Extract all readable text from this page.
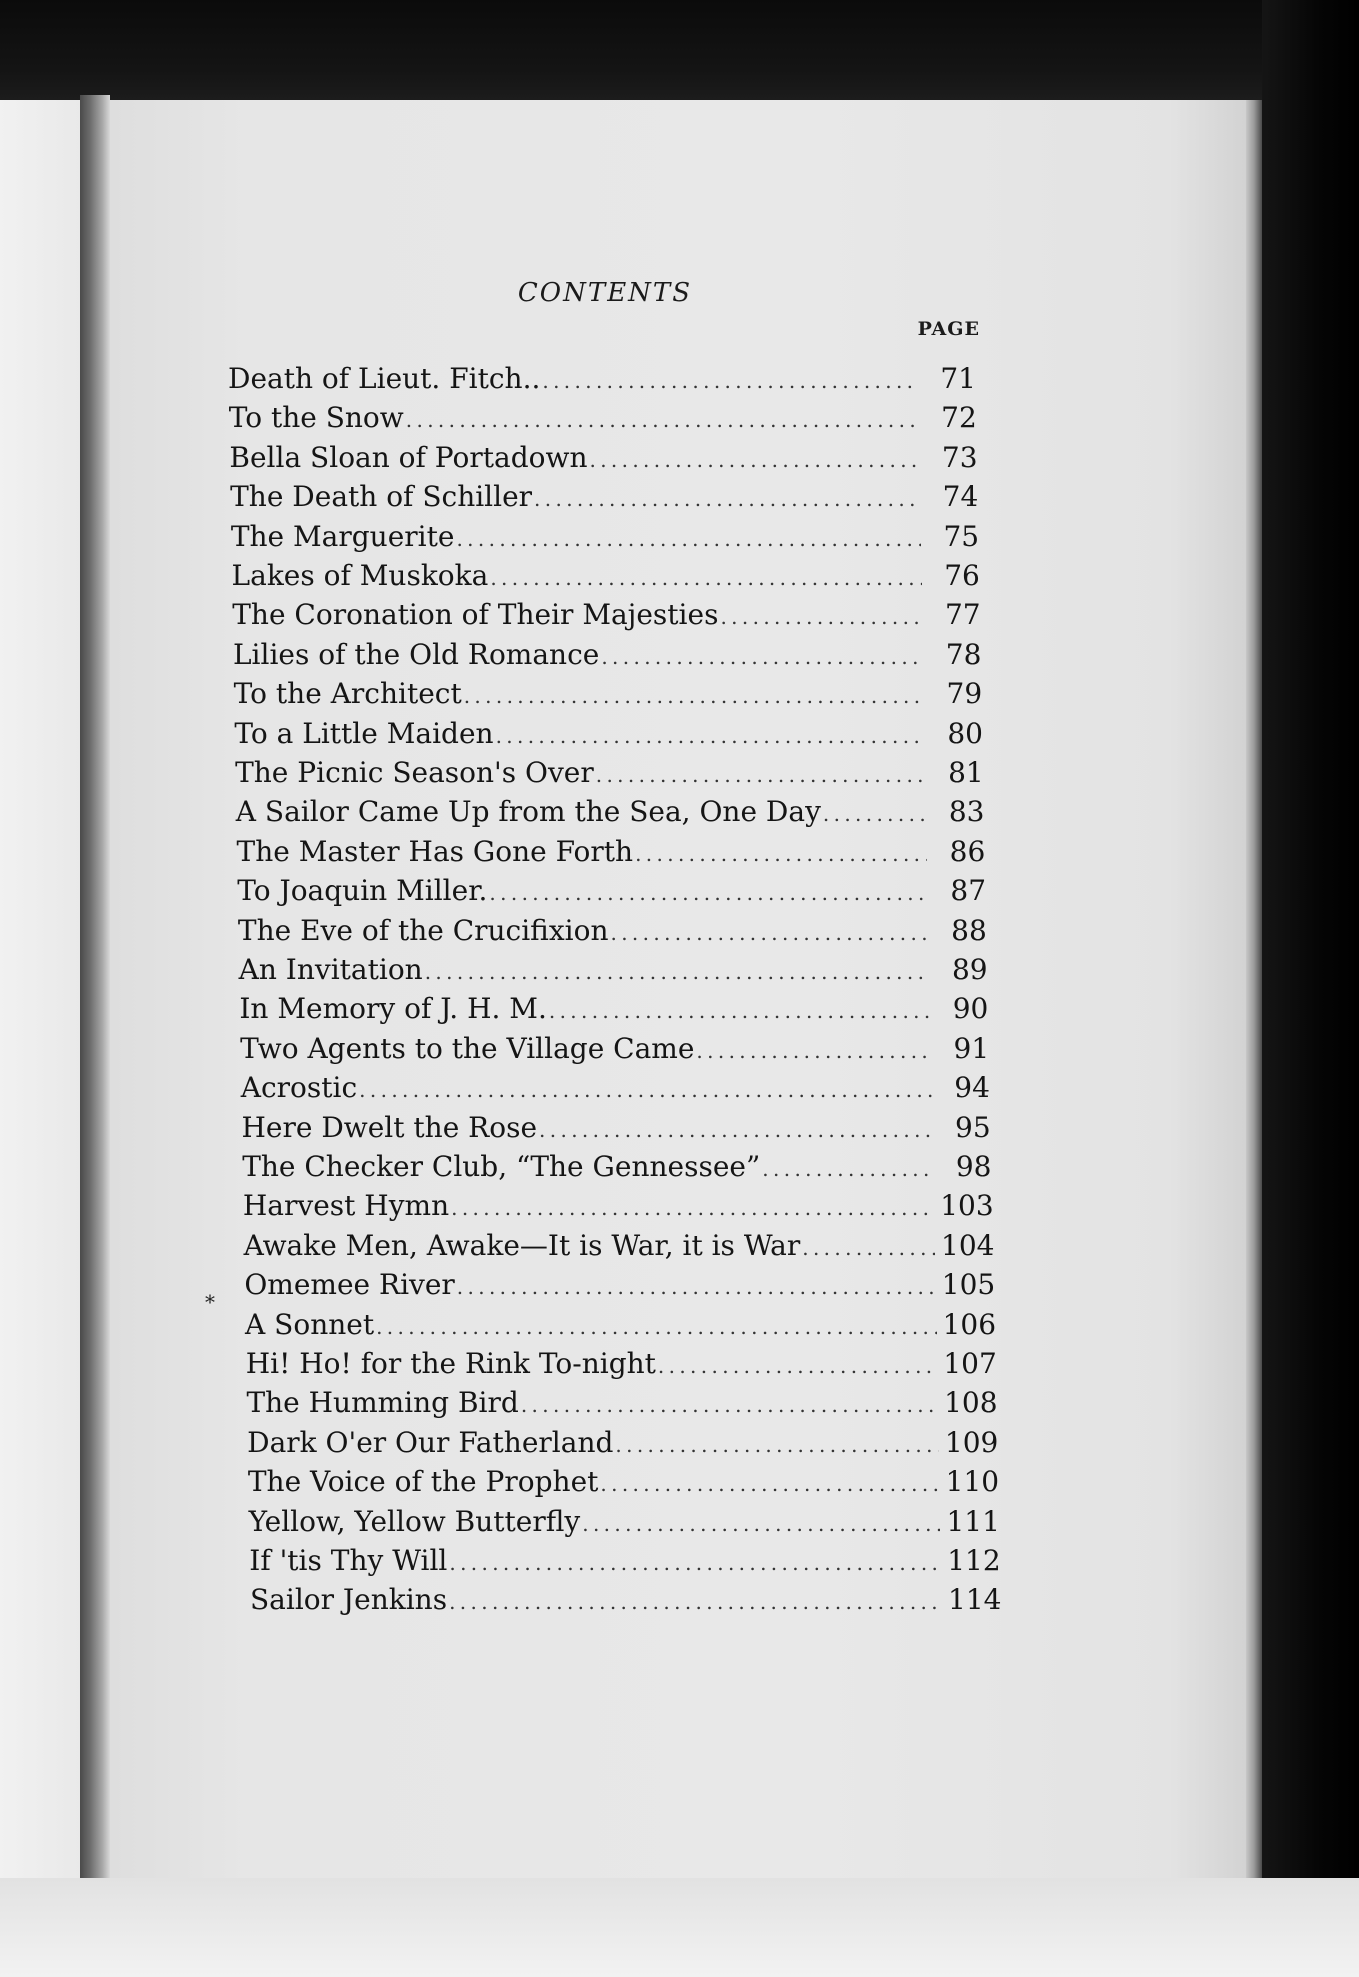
CONTENTS
PAGE
⁎
Death of Lieut. Fitch.. . . .	71
To the Snow . . .	72
Bella Sloan of Portadown . . .	73
The Death of Schiller . . .	74
The Marguerite . . .	75
Lakes of Muskoka . . .	76
The Coronation of Their Majesties . . .	77
Lilies of the Old Romance . . .	78
To the Architect . . .	79
To a Little Maiden . . .	80
The Picnic Season's Over . . .	81
A Sailor Came Up from the Sea, One Day . . .	83
The Master Has Gone Forth . . .	86
To Joaquin Miller. . . .	87
The Eve of the Crucifixion . . .	88
An Invitation . . .	89
In Memory of J. H. M. . . .	90
Two Agents to the Village Came . . .	91
Acrostic . . .	94
Here Dwelt the Rose . . .	95
The Checker Club, “The Gennessee” . . .	98
Harvest Hymn . . .	103
Awake Men, Awake—It is War, it is War . . .	104
Omemee River . . .	105
A Sonnet . . .	106
Hi! Ho! for the Rink To-night . . .	107
The Humming Bird . . .	108
Dark O'er Our Fatherland . . .	109
The Voice of the Prophet . . .	110
Yellow, Yellow Butterfly . . .	111
If 'tis Thy Will . . .	112
Sailor Jenkins . . .	114
